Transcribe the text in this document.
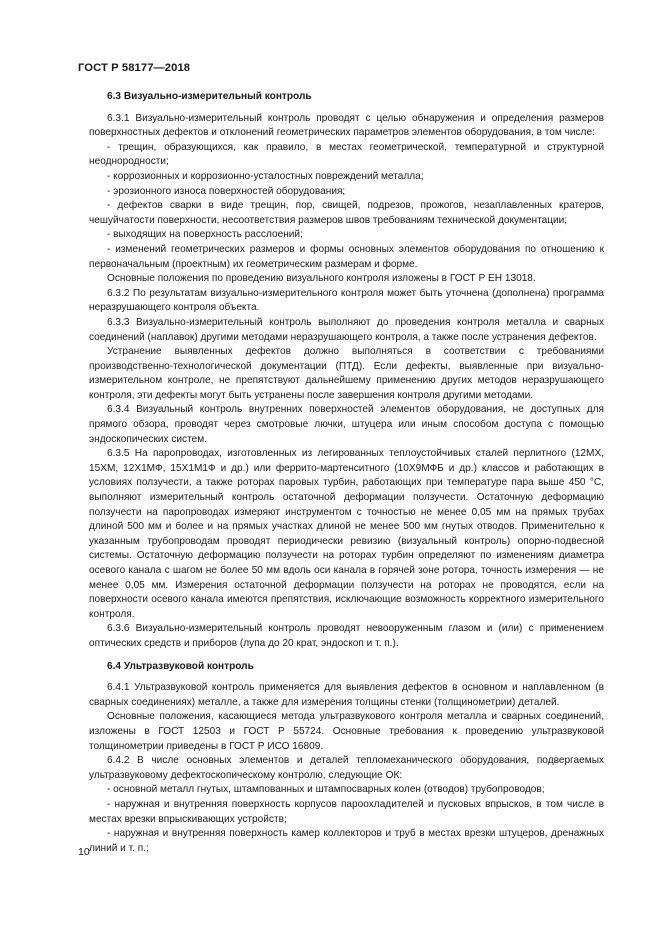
ГОСТ Р 58177—2018
6.3 Визуально-измерительный контроль

6.3.1 Визуально-измерительный контроль проводят с целью обнаружения и определения размеров поверхностных дефектов и отклонений геометрических параметров элементов оборудования, в том числе:

- трещин, образующихся, как правило, в местах геометрической, температурной и структурной неоднородности;

- коррозионных и коррозионно-усталостных повреждений металла;

- эрозионного износа поверхностей оборудования;

- дефектов сварки в виде трещин, пор, свищей, подрезов, прожогов, незаплавленных кратеров, чешуйчатости поверхности, несоответствия размеров швов требованиям технической документации;

- выходящих на поверхность расслоений;

- изменений геометрических размеров и формы основных элементов оборудования по отношению к первоначальным (проектным) их геометрическим размерам и форме.

Основные положения по проведению визуального контроля изложены в ГОСТ Р ЕН 13018.

6.3.2 По результатам визуально-измерительного контроля может быть уточнена (дополнена) программа неразрушающего контроля объекта.

6.3.3 Визуально-измерительный контроль выполняют до проведения контроля металла и сварных соединений (наплавок) другими методами неразрушающего контроля, а также после устранения дефектов.

Устранение выявленных дефектов должно выполняться в соответствии с требованиями производственно-технологической документации (ПТД). Если дефекты, выявленные при визуально-измерительном контроле, не препятствуют дальнейшему применению других методов неразрушающего контроля, эти дефекты могут быть устранены после завершения контроля другими методами.

6.3.4 Визуальный контроль внутренних поверхностей элементов оборудования, не доступных для прямого обзора, проводят через смотровые лючки, штуцера или иным способом доступа с помощью эндоскопических систем.

6.3.5 На паропроводах, изготовленных из легированных теплоустойчивых сталей перлитного (12МХ, 15ХМ, 12Х1МФ, 15Х1М1Ф и др.) или феррито-мартенситного (10Х9МФБ и др.) классов и работающих в условиях ползучести, а также роторах паровых турбин, работающих при температуре пара выше 450 °С, выполняют измерительный контроль остаточной деформации ползучести. Остаточную деформацию ползучести на паропроводах измеряют инструментом с точностью не менее 0,05 мм на прямых трубах длиной 500 мм и более и на прямых участках длиной не менее 500 мм гнутых отводов. Применительно к указанным трубопроводам проводят периодически ревизию (визуальный контроль) опорно-подвесной системы. Остаточную деформацию ползучести на роторах турбин определяют по изменениям диаметра осевого канала с шагом не более 50 мм вдоль оси канала в горячей зоне ротора, точность измерения — не менее 0,05 мм. Измерения остаточной деформации ползучести на роторах не проводятся, если на поверхности осевого канала имеются препятствия, исключающие возможность корректного измерительного контроля.

6.3.6 Визуально-измерительный контроль проводят невооруженным глазом и (или) с применением оптических средств и приборов (лупа до 20 крат, эндоскоп и т. п.).

6.4 Ультразвуковой контроль

6.4.1 Ультразвуковой контроль применяется для выявления дефектов в основном и наплавленном (в сварных соединениях) металле, а также для измерения толщины стенки (толщинометрии) деталей.

Основные положения, касающиеся метода ультразвукового контроля металла и сварных соединений, изложены в ГОСТ 12503 и ГОСТ Р 55724. Основные требования к проведению ультразвуковой толщинометрии приведены в ГОСТ Р ИСО 16809.

6.4.2 В числе основных элементов и деталей тепломеханического оборудования, подвергаемых ультразвуковому дефектоскопическому контролю, следующие ОК:

- основной металл гнутых, штампованных и штампосварных колен (отводов) трубопроводов;

- наружная и внутренняя поверхность корпусов пароохладителей и пусковых впрысков, в том числе в местах врезки впрыскивающих устройств;

- наружная и внутренняя поверхность камер коллекторов и труб в местах врезки штуцеров, дренажных линий и т. п.;

10
